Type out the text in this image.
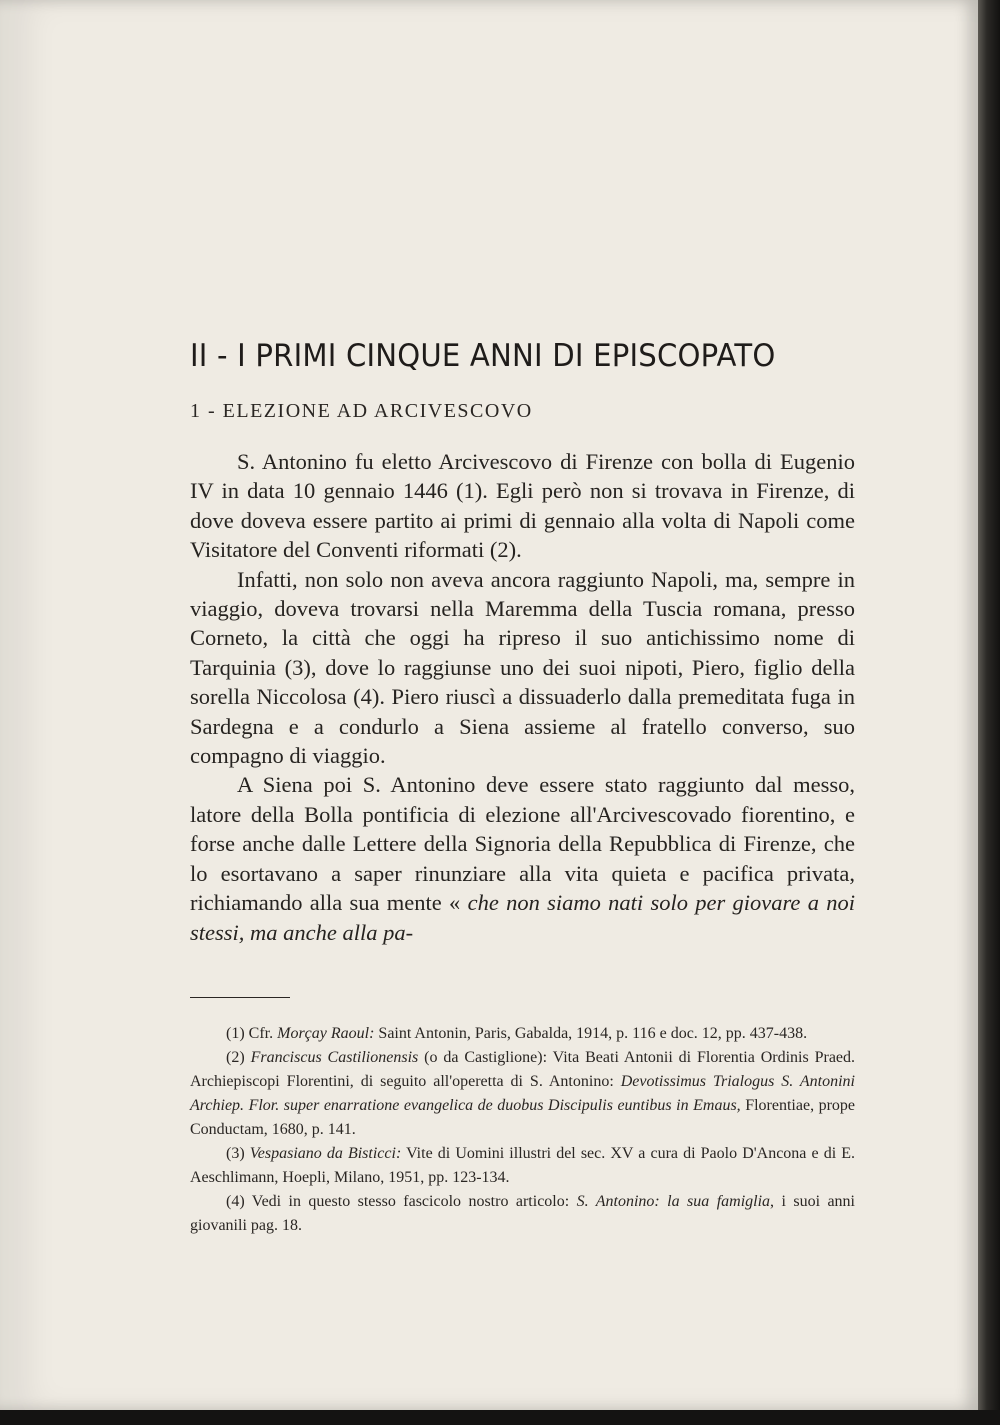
II - I PRIMI CINQUE ANNI DI EPISCOPATO
1 - ELEZIONE AD ARCIVESCOVO

S. Antonino fu eletto Arcivescovo di Firenze con bolla di Eugenio IV in data 10 gennaio 1446 (1). Egli però non si trovava in Firenze, di dove doveva essere partito ai primi di gennaio alla volta di Napoli come Visitatore del Conventi riformati (2).

Infatti, non solo non aveva ancora raggiunto Napoli, ma, sempre in viaggio, doveva trovarsi nella Maremma della Tuscia romana, presso Corneto, la città che oggi ha ripreso il suo antichissimo nome di Tarquinia (3), dove lo raggiunse uno dei suoi nipoti, Piero, figlio della sorella Niccolosa (4). Piero riuscì a dissuaderlo dalla premeditata fuga in Sardegna e a condurlo a Siena assieme al fratello converso, suo compagno di viaggio.

A Siena poi S. Antonino deve essere stato raggiunto dal messo, latore della Bolla pontificia di elezione all'Arcivescovado fiorentino, e forse anche dalle Lettere della Signoria della Repubblica di Firenze, che lo esortavano a saper rinunziare alla vita quieta e pacifica privata, richiamando alla sua mente « che non siamo nati solo per giovare a noi stessi, ma anche alla pa-

(1) Cfr. Morçay Raoul: Saint Antonin, Paris, Gabalda, 1914, p. 116 e doc. 12, pp. 437-438.

(2) Franciscus Castilionensis (o da Castiglione): Vita Beati Antonii di Florentia Ordinis Praed. Archiepiscopi Florentini, di seguito all'operetta di S. Antonino: Devotissimus Trialogus S. Antonini Archiep. Flor. super enarratione evangelica de duobus Discipulis euntibus in Emaus, Florentiae, prope Conductam, 1680, p. 141.

(3) Vespasiano da Bisticci: Vite di Uomini illustri del sec. XV a cura di Paolo D'Ancona e di E. Aeschlimann, Hoepli, Milano, 1951, pp. 123-134.

(4) Vedi in questo stesso fascicolo nostro articolo: S. Antonino: la sua famiglia, i suoi anni giovanili pag. 18.
